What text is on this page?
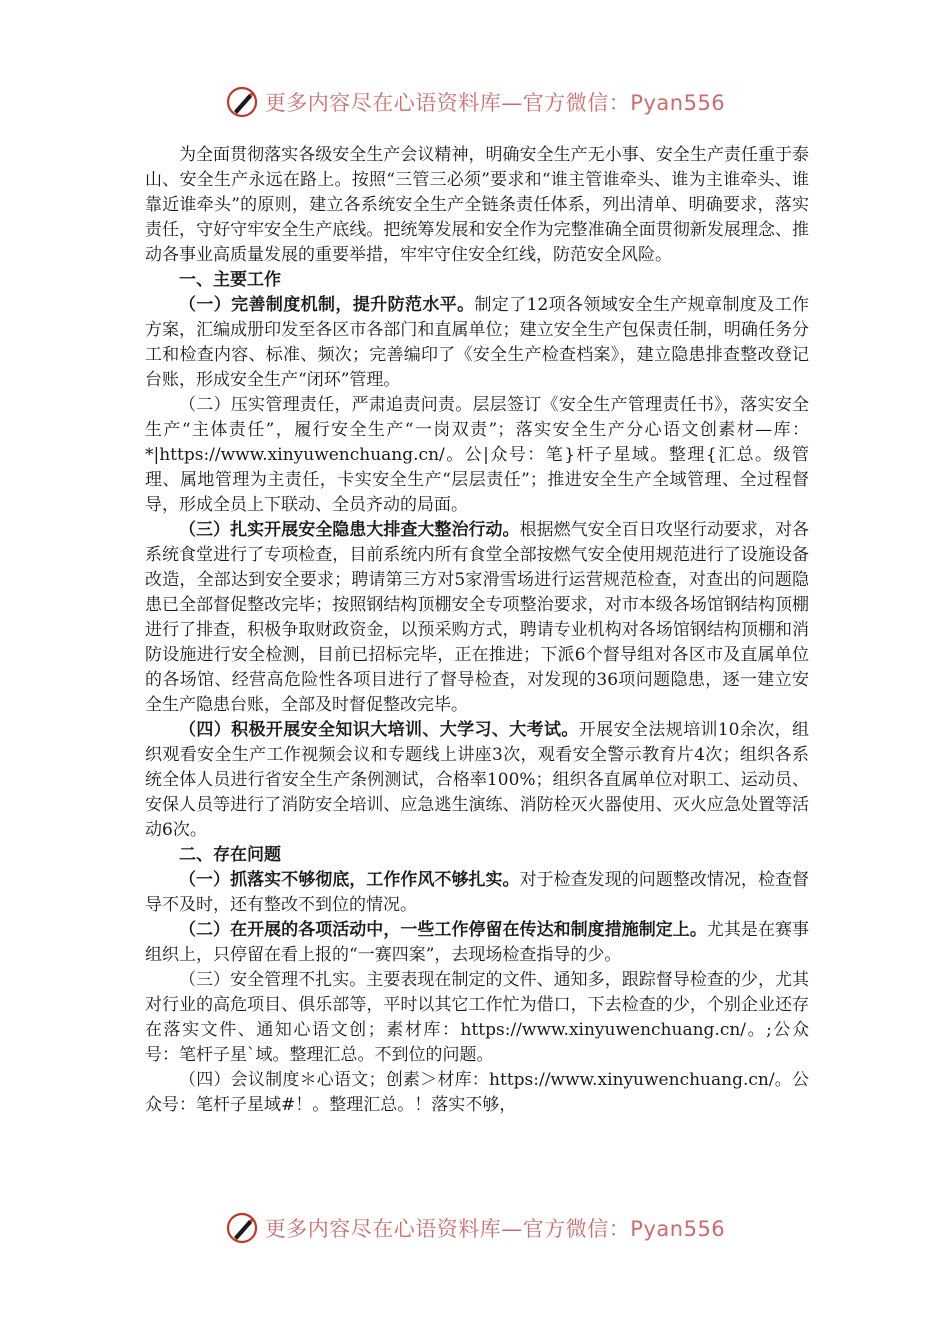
更多内容尽在心语资料库—官方微信：Pyan556

为全面贯彻落实各级安全生产会议精神，明确安全生产无小事、安全生产责任重于泰山、安全生产永远在路上。按照“三管三必须”要求和“谁主管谁牵头、谁为主谁牵头、谁靠近谁牵头”的原则，建立各系统安全生产全链条责任体系，列出清单、明确要求，落实责任，守好守牢安全生产底线。把统筹发展和安全作为完整准确全面贯彻新发展理念、推动各事业高质量发展的重要举措，牢牢守住安全红线，防范安全风险。

一、主要工作

（一）完善制度机制，提升防范水平。制定了12项各领域安全生产规章制度及工作方案，汇编成册印发至各区市各部门和直属单位；建立安全生产包保责任制，明确任务分工和检查内容、标准、频次；完善编印了《安全生产检查档案》，建立隐患排查整改登记台账，形成安全生产“闭环”管理。

（二）压实管理责任，严肃追责问责。层层签订《安全生产管理责任书》，落实安全生产“主体责任”，履行安全生产“一岗双责”；落实安全生产分心语文创素材—库：*|https://www.xinyuwenchuang.cn/。公|众号：笔}杆子星域。整理{汇总。级管理、属地管理为主责任，卡实安全生产“层层责任”；推进安全生产全域管理、全过程督导，形成全员上下联动、全员齐动的局面。

（三）扎实开展安全隐患大排查大整治行动。根据燃气安全百日攻坚行动要求，对各系统食堂进行了专项检查，目前系统内所有食堂全部按燃气安全使用规范进行了设施设备改造，全部达到安全要求；聘请第三方对5家滑雪场进行运营规范检查，对查出的问题隐患已全部督促整改完毕；按照钢结构顶棚安全专项整治要求，对市本级各场馆钢结构顶棚进行了排查，积极争取财政资金，以预采购方式，聘请专业机构对各场馆钢结构顶棚和消防设施进行安全检测，目前已招标完毕，正在推进；下派6个督导组对各区市及直属单位的各场馆、经营高危险性各项目进行了督导检查，对发现的36项问题隐患，逐一建立安全生产隐患台账，全部及时督促整改完毕。

（四）积极开展安全知识大培训、大学习、大考试。开展安全法规培训10余次，组织观看安全生产工作视频会议和专题线上讲座3次，观看安全警示教育片4次；组织各系统全体人员进行省安全生产条例测试，合格率100%；组织各直属单位对职工、运动员、安保人员等进行了消防安全培训、应急逃生演练、消防栓灭火器使用、灭火应急处置等活动6次。

二、存在问题

（一）抓落实不够彻底，工作作风不够扎实。对于检查发现的问题整改情况，检查督导不及时，还有整改不到位的情况。

（二）在开展的各项活动中，一些工作停留在传达和制度措施制定上。尤其是在赛事组织上，只停留在看上报的“一赛四案”，去现场检查指导的少。

（三）安全管理不扎实。主要表现在制定的文件、通知多，跟踪督导检查的少，尤其对行业的高危项目、俱乐部等，平时以其它工作忙为借口，下去检查的少，个别企业还存在落实文件、通知心语文创；素材库：https://www.xinyuwenchuang.cn/。;公众号：笔杆子星`域。整理汇总。不到位的问题。

（四）会议制度＊心语文；创素＞材库：https://www.xinyuwenchuang.cn/。公众号：笔杆子星域#！。整理汇总。！落实不够，

更多内容尽在心语资料库—官方微信：Pyan556
